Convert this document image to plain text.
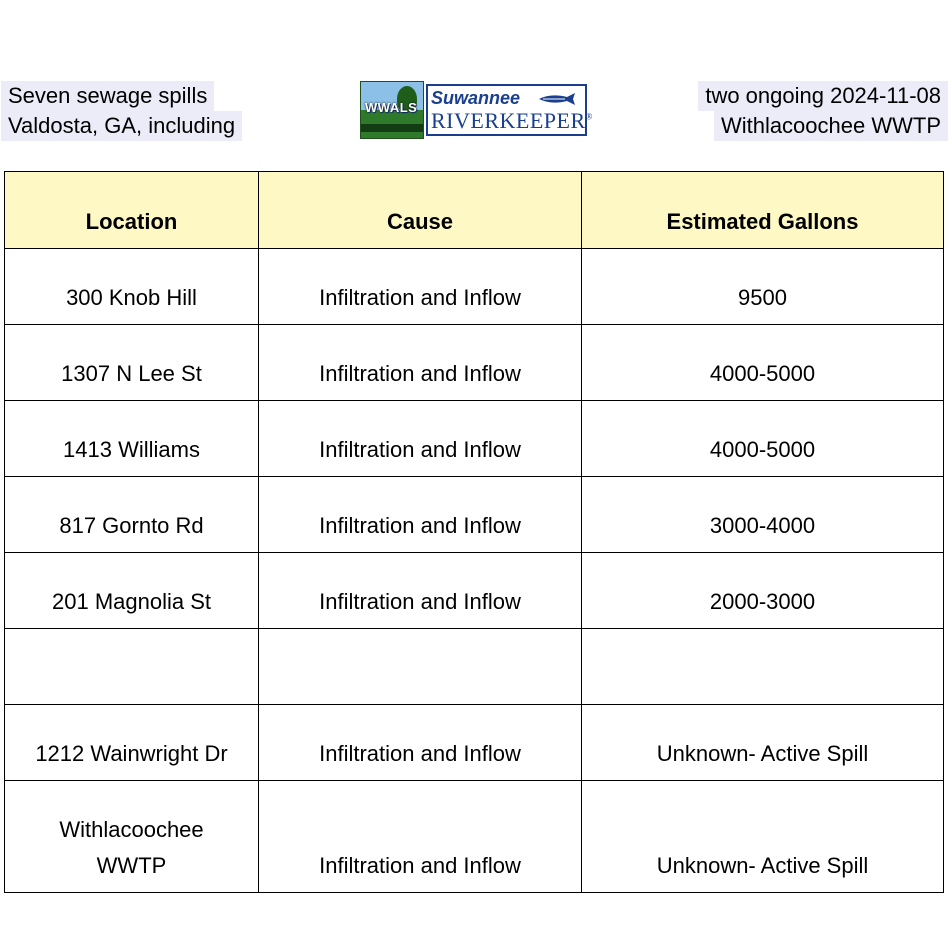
Seven sewage spills
Valdosta, GA, including
WWALS Suwannee
RIVERKEEPER®
two ongoing 2024-11-08
Withlacoochee WWTP
Location	Cause	Estimated Gallons
300 Knob Hill	Infiltration and Inflow	9500
1307 N Lee St	Infiltration and Inflow	4000-5000
1413 Williams	Infiltration and Inflow	4000-5000
817 Gornto Rd	Infiltration and Inflow	3000-4000
201 Magnolia St	Infiltration and Inflow	2000-3000

1212 Wainwright Dr	Infiltration and Inflow	Unknown- Active Spill

Withlacoochee
WWTP	Infiltration and Inflow	Unknown- Active Spill
